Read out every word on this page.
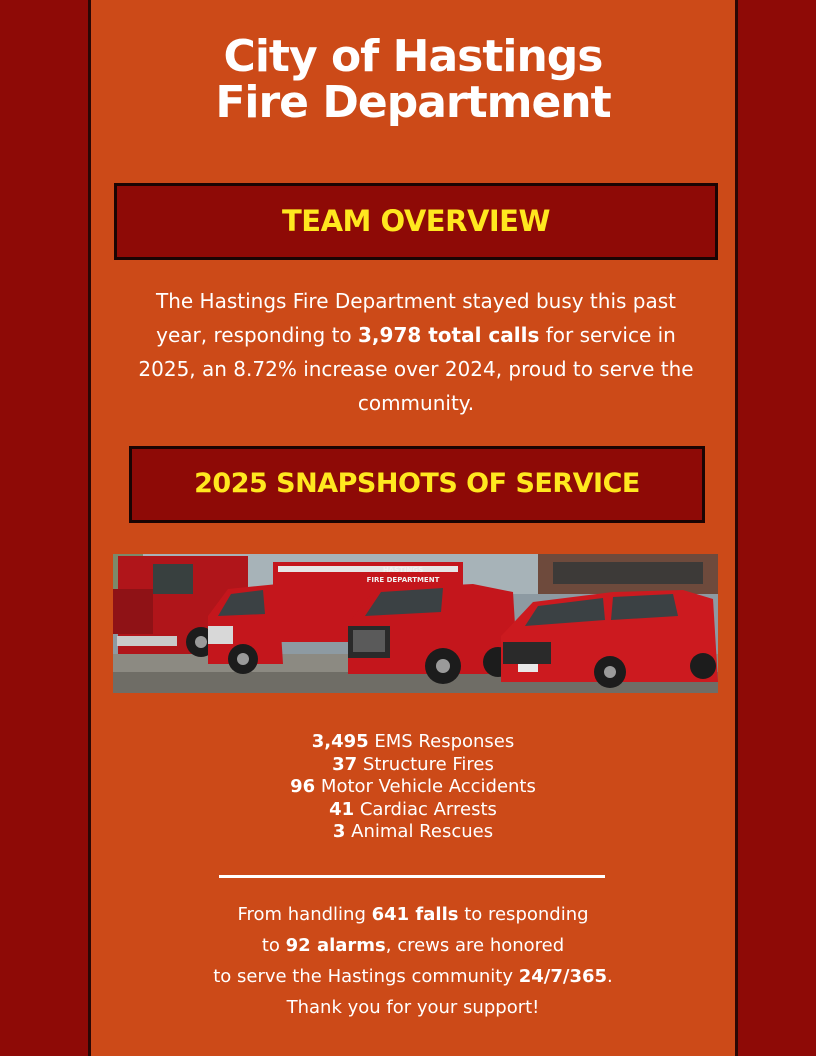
City of Hastings
Fire Department
TEAM OVERVIEW
The Hastings Fire Department stayed busy this past year, responding to 3,978 total calls for service in 2025, an 8.72% increase over 2024, proud to serve the community.
2025 SNAPSHOTS OF SERVICE
HASTINGS
FIRE DEPARTMENT
3,495 EMS Responses
37 Structure Fires
96 Motor Vehicle Accidents
41 Cardiac Arrests
3 Animal Rescues
From handling 641 falls to responding
to 92 alarms, crews are honored
to serve the Hastings community 24/7/365.
Thank you for your support!
